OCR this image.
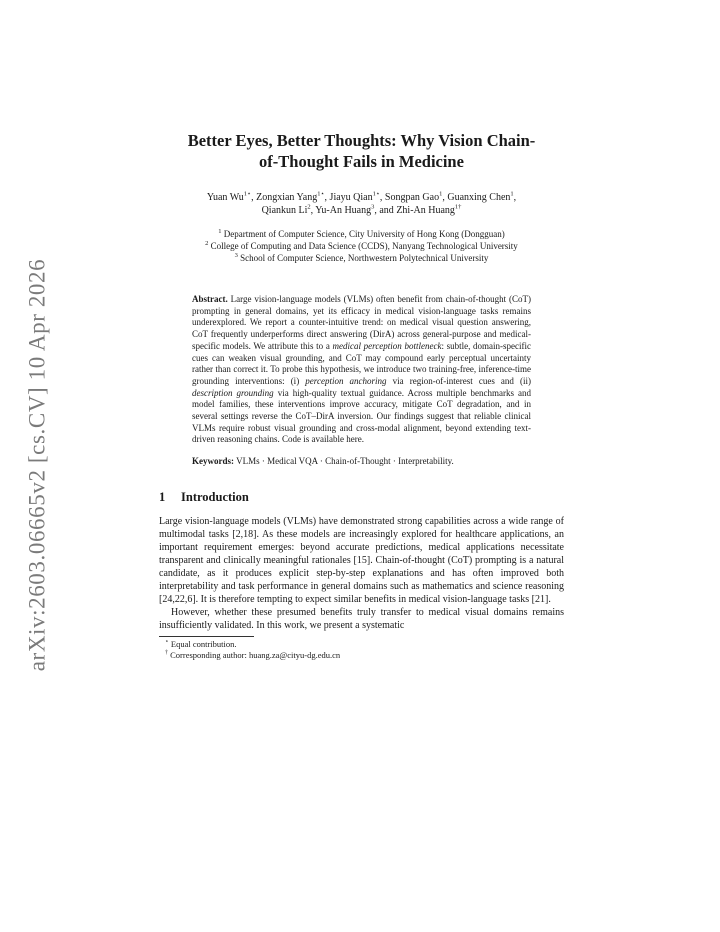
arXiv:2603.06665v2 [cs.CV] 10 Apr 2026
Better Eyes, Better Thoughts: Why Vision Chain-of-Thought Fails in Medicine
Yuan $Wu^{1⋆}$, Zongxian Yang$^{1⋆}$, Jiayu Qian$^{1⋆}$, Songpan Gao$^1$, Guanxing Chen$^1$,
Qiankun Li$^2$, Yu-An Huang$^3$, and Zhi-An Huang$^{1\dagger}$
$^1$ Department of Computer Science, City University of Hong Kong (Dongguan)
$^2$ College of Computing and Data Science (CCDS), Nanyang Technological University
$^3$ School of Computer Science, Northwestern Polytechnical University
Abstract. Large vision-language models (VLMs) often benefit from chain-of-thought (CoT) prompting in general domains, yet its efficacy in medical vision-language tasks remains underexplored. We report a counter-intuitive trend: on medical visual question answering, CoT frequently underperforms direct answering (DirA) across general-purpose and medical-specific models. We attribute this to a medical perception bottleneck: subtle, domain-specific cues can weaken visual grounding, and CoT may compound early perceptual uncertainty rather than correct it. To probe this hypothesis, we introduce two training-free, inference-time grounding interventions: (i) perception anchoring via region-of-interest cues and (ii) description grounding via high-quality textual guidance. Across multiple benchmarks and model families, these interventions improve accuracy, mitigate CoT degradation, and in several settings reverse the CoT–DirA inversion. Our findings suggest that reliable clinical VLMs require robust visual grounding and cross-modal alignment, beyond extending text-driven reasoning chains. Code is available here.
Keywords: VLMs · Medical VQA · Chain-of-Thought · Interpretability.
1 Introduction

Large vision-language models (VLMs) have demonstrated strong capabilities across a wide range of multimodal tasks [2,18]. As these models are increasingly explored for healthcare applications, an important requirement emerges: beyond accurate predictions, medical applications necessitate transparent and clinically meaningful rationales [15]. Chain-of-thought (CoT) prompting is a natural candidate, as it produces explicit step-by-step explanations and has often improved both interpretability and task performance in general domains such as mathematics and science reasoning [24,22,6]. It is therefore tempting to expect similar benefits in medical vision-language tasks [21].

However, whether these presumed benefits truly transfer to medical visual domains remains insufficiently validated. In this work, we present a systematic

⋆ Equal contribution.
† Corresponding author: huang.za@cityu-dg.edu.cn
